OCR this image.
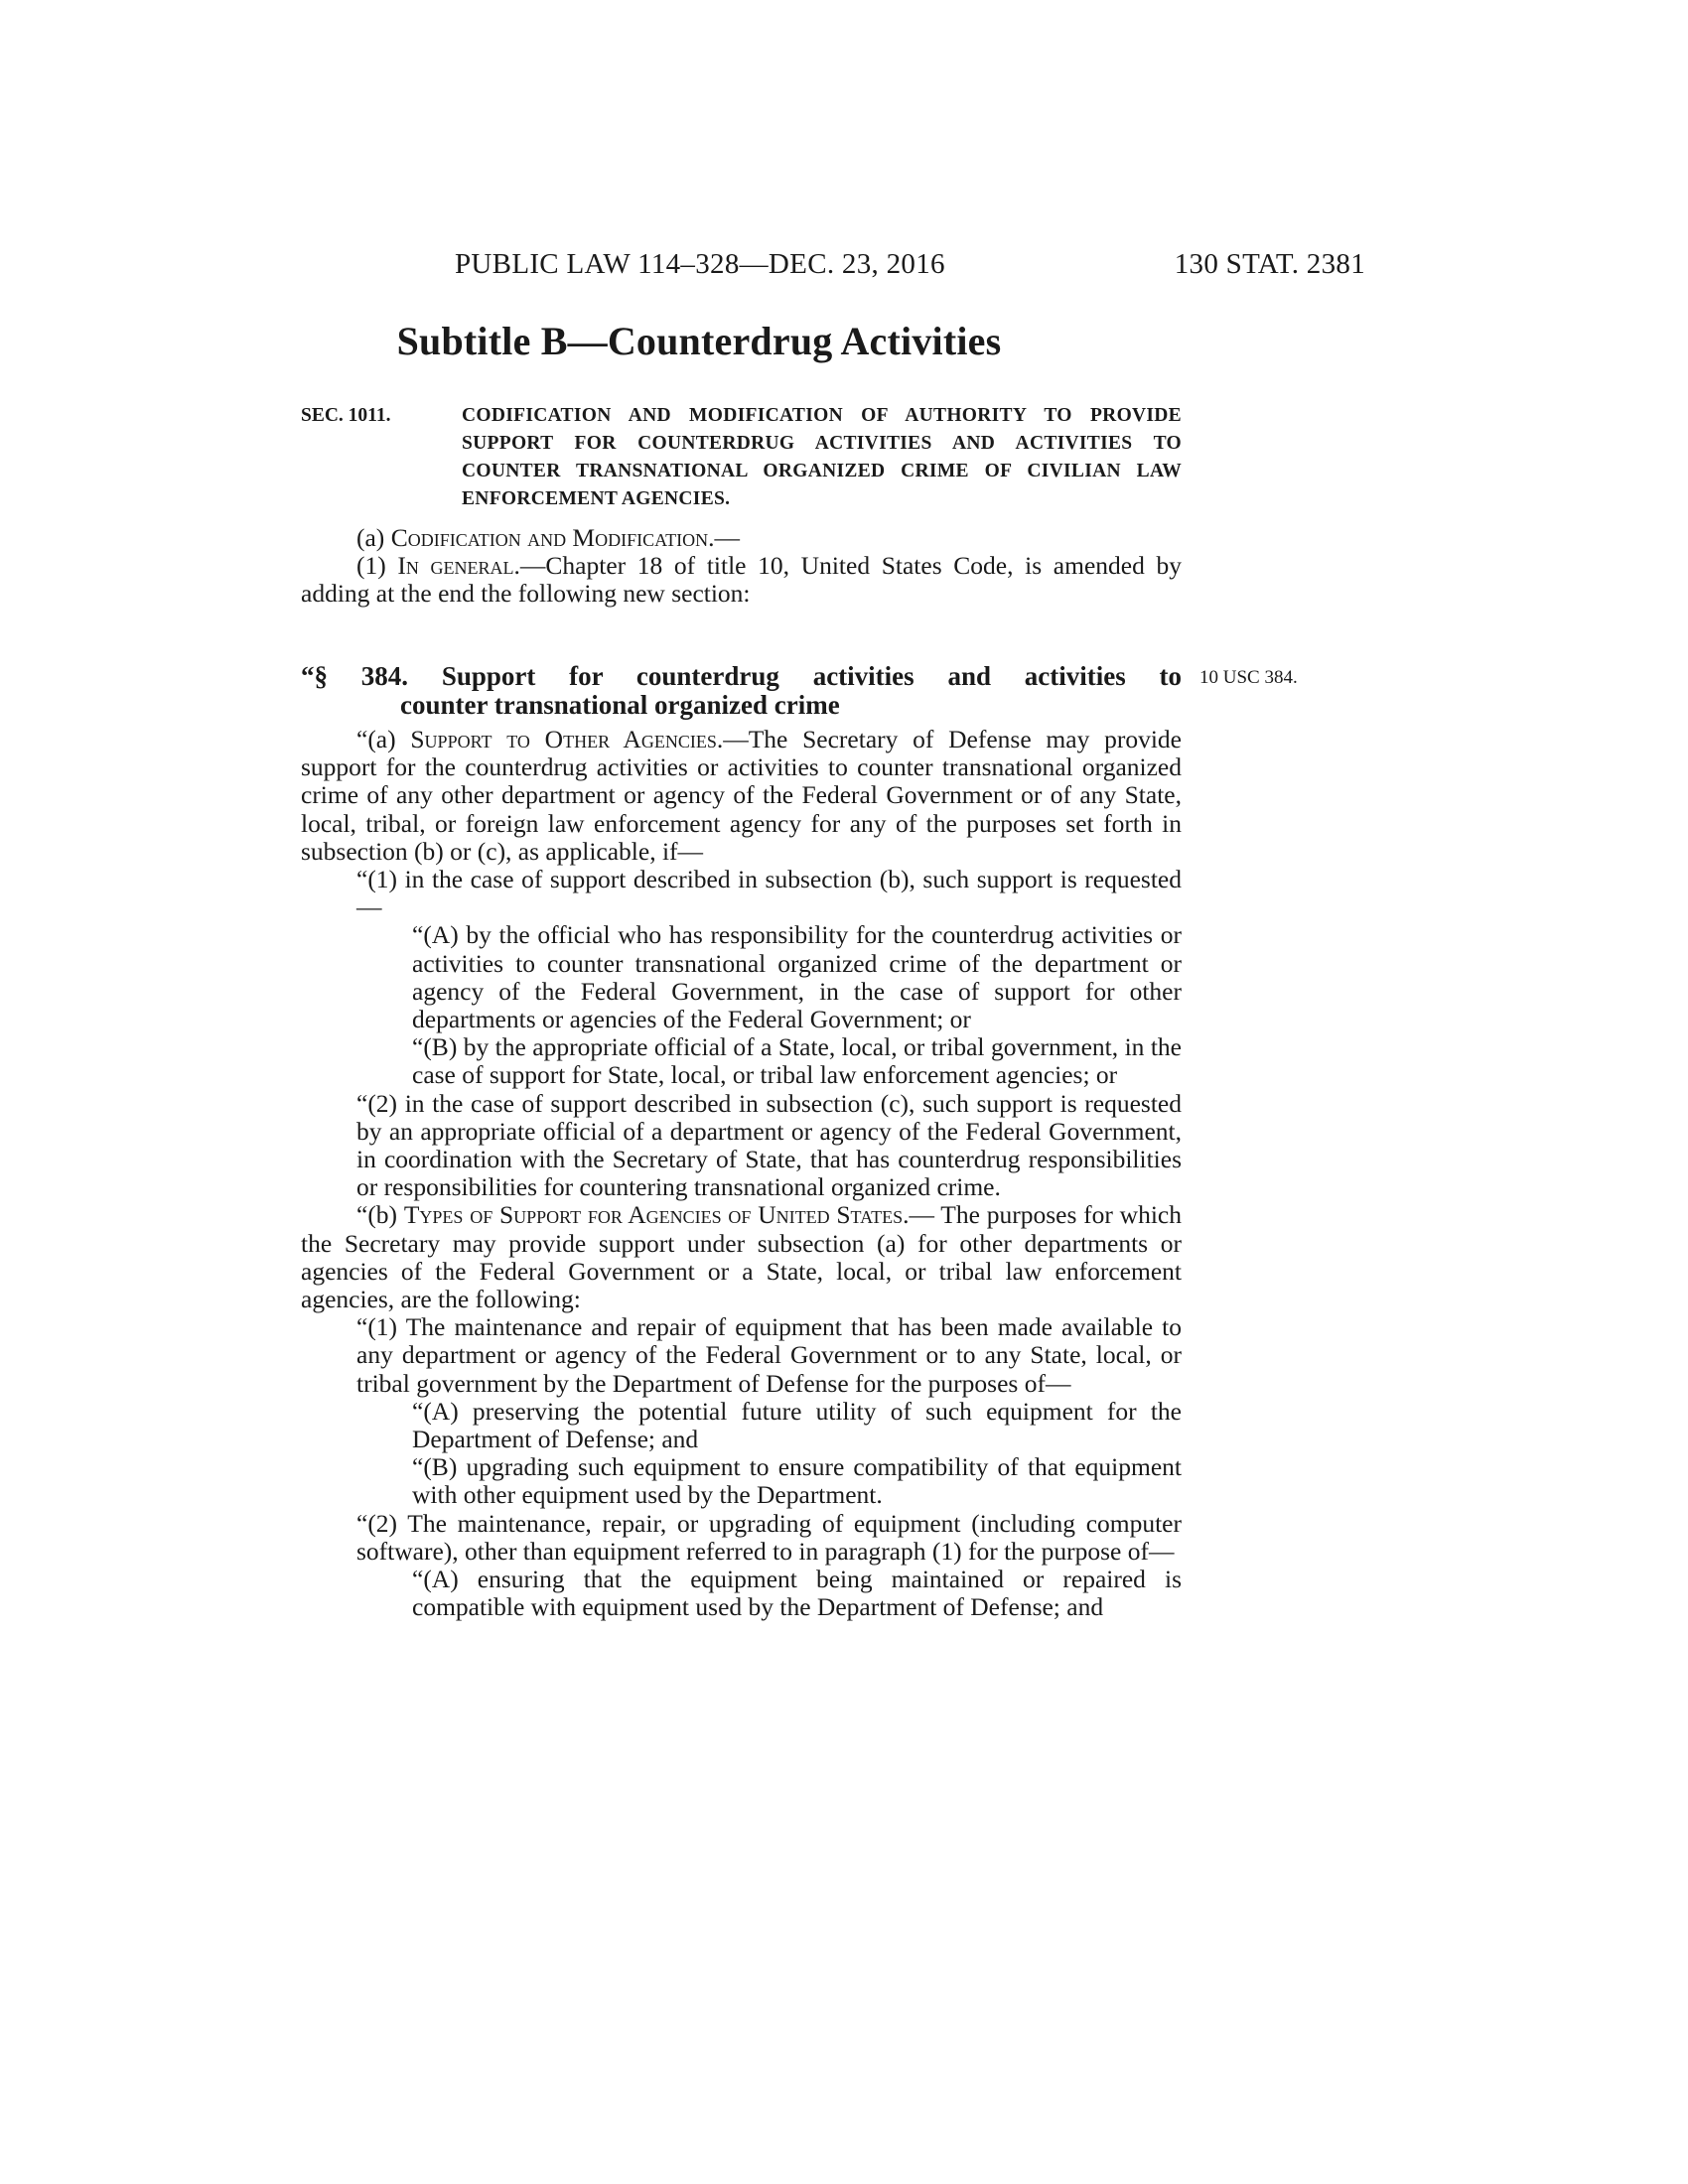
PUBLIC LAW 114–328—DEC. 23, 2016	130 STAT. 2381
Subtitle B—Counterdrug Activities
SEC. 1011.	CODIFICATION AND MODIFICATION OF AUTHORITY TO PROVIDE SUPPORT FOR COUNTERDRUG ACTIVITIES AND ACTIVITIES TO COUNTER TRANSNATIONAL ORGANIZED CRIME OF CIVILIAN LAW ENFORCEMENT AGENCIES.

(a) Codification and Modification.—

(1) In general.—Chapter 18 of title 10, United States Code, is amended by adding at the end the following new section:

“§ 384. Support for counterdrug activities and activities to
counter transnational organized crime
10 USC 384.

“(a) Support to Other Agencies.—The Secretary of Defense may provide support for the counterdrug activities or activities to counter transnational organized crime of any other department or agency of the Federal Government or of any State, local, tribal, or foreign law enforcement agency for any of the purposes set forth in subsection (b) or (c), as applicable, if—

“(1) in the case of support described in subsection (b), such support is requested—

“(A) by the official who has responsibility for the counterdrug activities or activities to counter transnational organized crime of the department or agency of the Federal Government, in the case of support for other departments or agencies of the Federal Government; or

“(B) by the appropriate official of a State, local, or tribal government, in the case of support for State, local, or tribal law enforcement agencies; or

“(2) in the case of support described in subsection (c), such support is requested by an appropriate official of a department or agency of the Federal Government, in coordination with the Secretary of State, that has counterdrug responsibilities or responsibilities for countering transnational organized crime.

“(b) Types of Support for Agencies of United States.— The purposes for which the Secretary may provide support under subsection (a) for other departments or agencies of the Federal Government or a State, local, or tribal law enforcement agencies, are the following:

“(1) The maintenance and repair of equipment that has been made available to any department or agency of the Federal Government or to any State, local, or tribal government by the Department of Defense for the purposes of—

“(A) preserving the potential future utility of such equipment for the Department of Defense; and

“(B) upgrading such equipment to ensure compatibility of that equipment with other equipment used by the Department.

“(2) The maintenance, repair, or upgrading of equipment (including computer software), other than equipment referred to in paragraph (1) for the purpose of—

“(A) ensuring that the equipment being maintained or repaired is compatible with equipment used by the Department of Defense; and
